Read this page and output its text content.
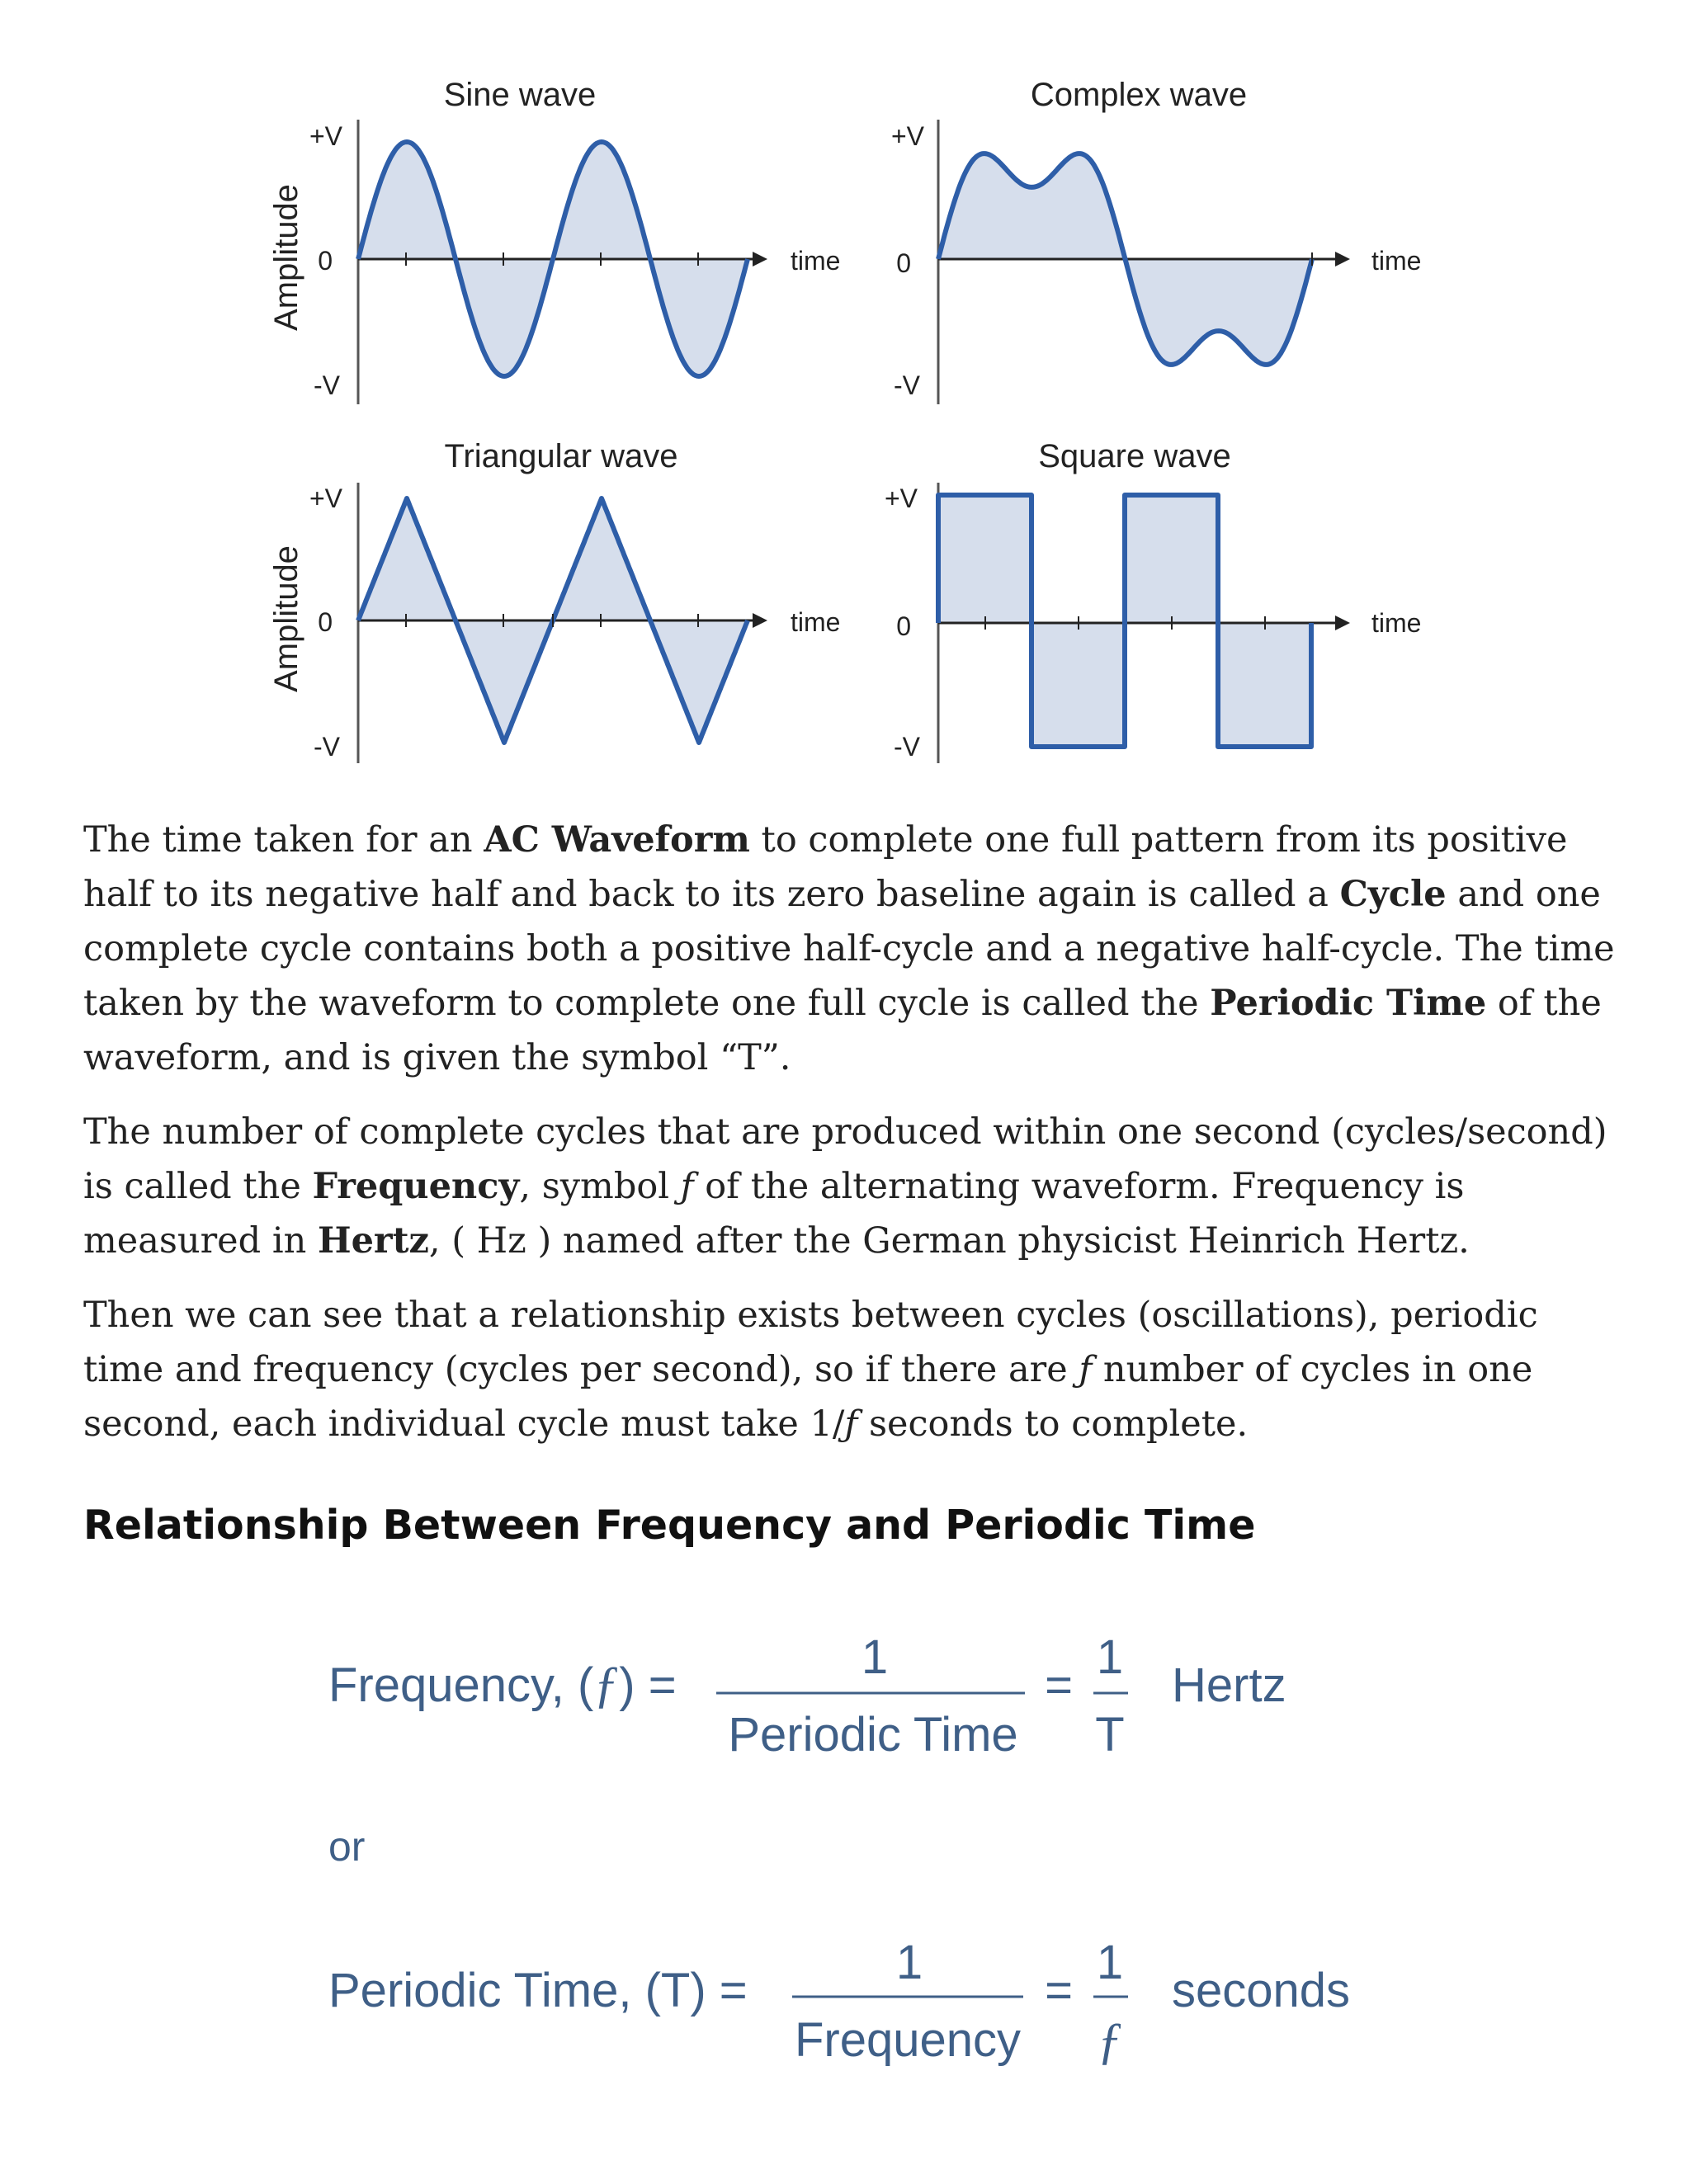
Sine wave
Amplitude
+V
0
-V
time
Complex wave
+V
0
-V
time
Triangular wave
Amplitude
+V
0
-V
time
Square wave
+V
0
-V
time

The time taken for an AC Waveform to complete one full pattern from its positive half to its negative half and back to its zero baseline again is called a Cycle and one complete cycle contains both a positive half-cycle and a negative half-cycle. The time taken by the waveform to complete one full cycle is called the Periodic Time of the waveform, and is given the symbol “T”.

The number of complete cycles that are produced within one second (cycles/second) is called the Frequency, symbol ƒ of the alternating waveform. Frequency is measured in Hertz, ( Hz ) named after the German physicist Heinrich Hertz.

Then we can see that a relationship exists between cycles (oscillations), periodic time and frequency (cycles per second), so if there are ƒ number of cycles in one second, each individual cycle must take 1/ƒ seconds to complete.

Relationship Between Frequency and Periodic Time
Frequency, (ƒ) =
1
Periodic Time
=
1
T
Hertz
or
Periodic Time, (T) =
1
Frequency
=
1
ƒ
seconds
